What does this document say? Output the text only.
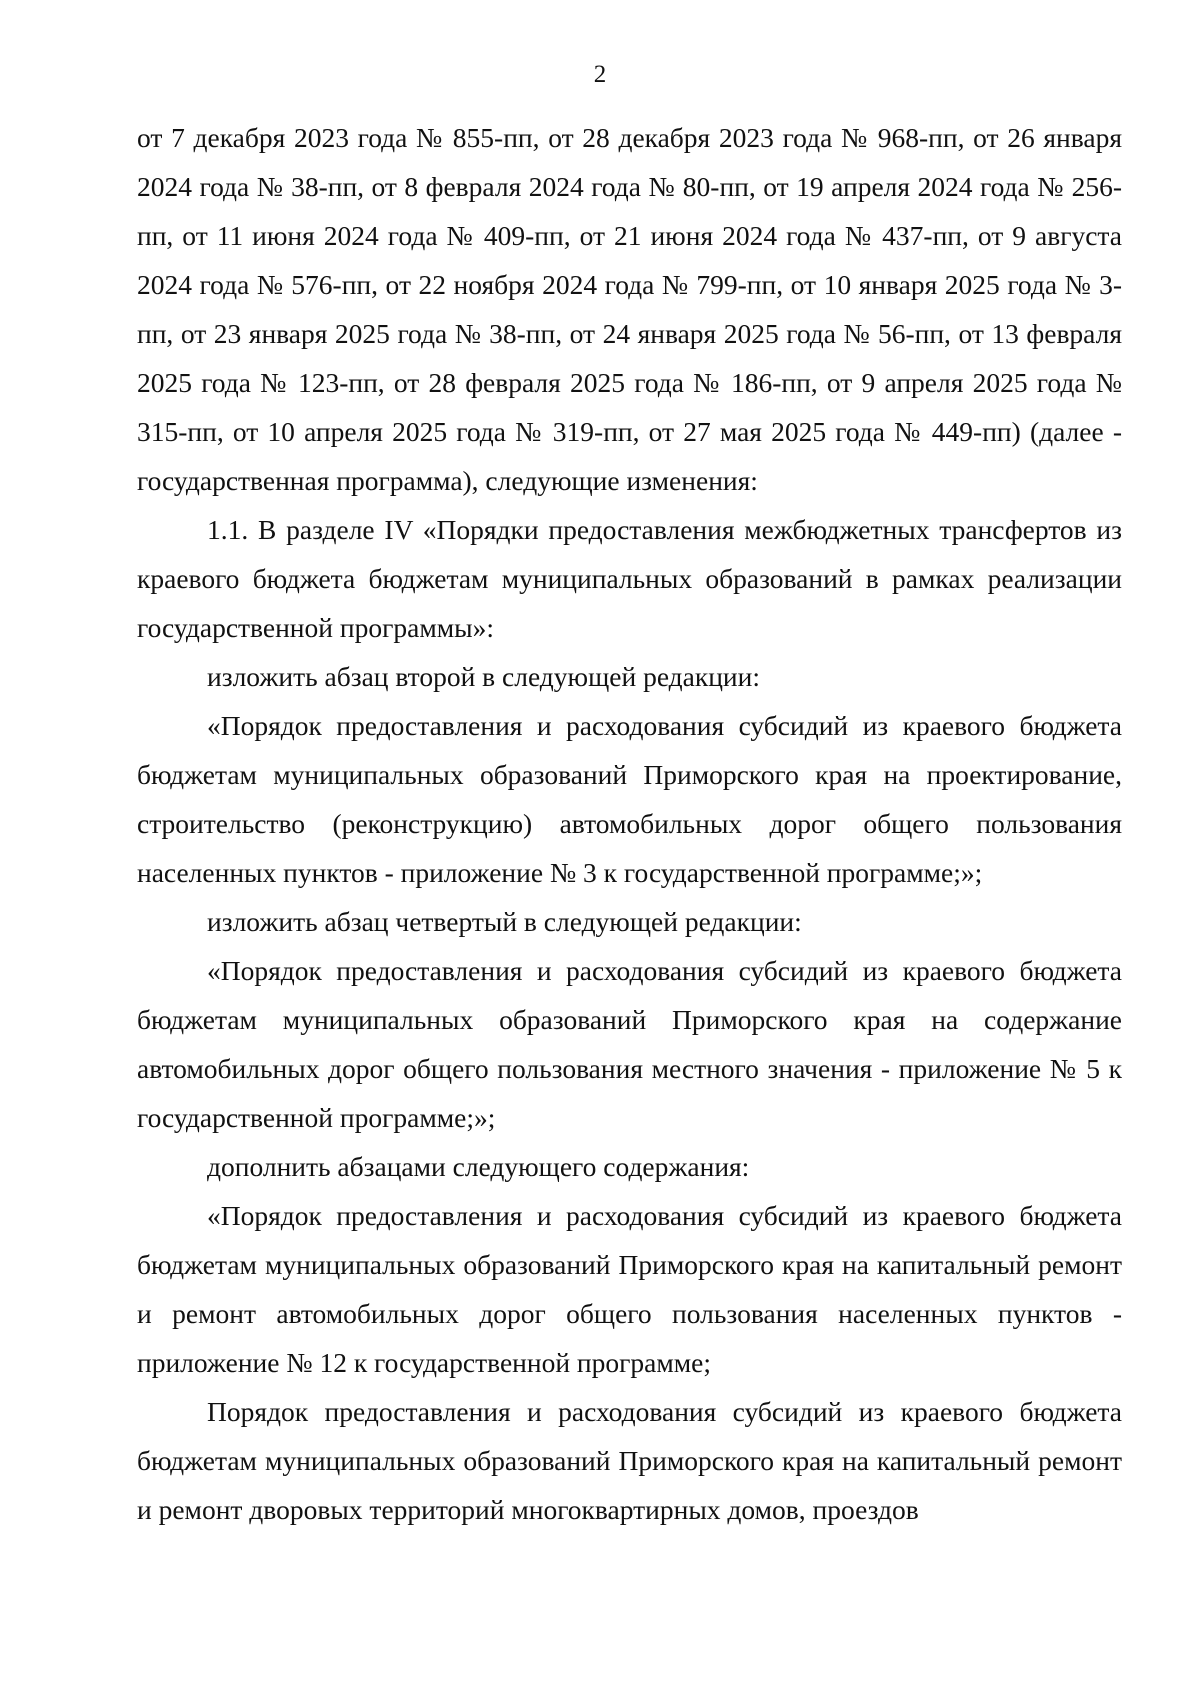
2

от 7 декабря 2023 года № 855-пп, от 28 декабря 2023 года № 968-пп, от 26 января 2024 года № 38-пп, от 8 февраля 2024 года № 80-пп, от 19 апреля 2024 года № 256-пп, от 11 июня 2024 года № 409-пп, от 21 июня 2024 года № 437-пп, от 9 августа 2024 года № 576-пп, от 22 ноября 2024 года № 799-пп, от 10 января 2025 года № 3-пп, от 23 января 2025 года № 38-пп, от 24 января 2025 года № 56-пп, от 13 февраля 2025 года № 123-пп, от 28 февраля 2025 года № 186-пп, от 9 апреля 2025 года № 315-пп, от 10 апреля 2025 года № 319-пп, от 27 мая 2025 года № 449-пп) (далее - государственная программа), следующие изменения:

1.1. В разделе IV «Порядки предоставления межбюджетных трансфертов из краевого бюджета бюджетам муниципальных образований в рамках реализации государственной программы»:

изложить абзац второй в следующей редакции:

«Порядок предоставления и расходования субсидий из краевого бюджета бюджетам муниципальных образований Приморского края на проектирование, строительство (реконструкцию) автомобильных дорог общего пользования населенных пунктов - приложение № 3 к государственной программе;»;

изложить абзац четвертый в следующей редакции:

«Порядок предоставления и расходования субсидий из краевого бюджета бюджетам муниципальных образований Приморского края на содержание автомобильных дорог общего пользования местного значения - приложение № 5 к государственной программе;»;

дополнить абзацами следующего содержания:

«Порядок предоставления и расходования субсидий из краевого бюджета бюджетам муниципальных образований Приморского края на капитальный ремонт и ремонт автомобильных дорог общего пользования населенных пунктов - приложение № 12 к государственной программе;

Порядок предоставления и расходования субсидий из краевого бюджета бюджетам муниципальных образований Приморского края на капитальный ремонт и ремонт дворовых территорий многоквартирных домов, проездов
